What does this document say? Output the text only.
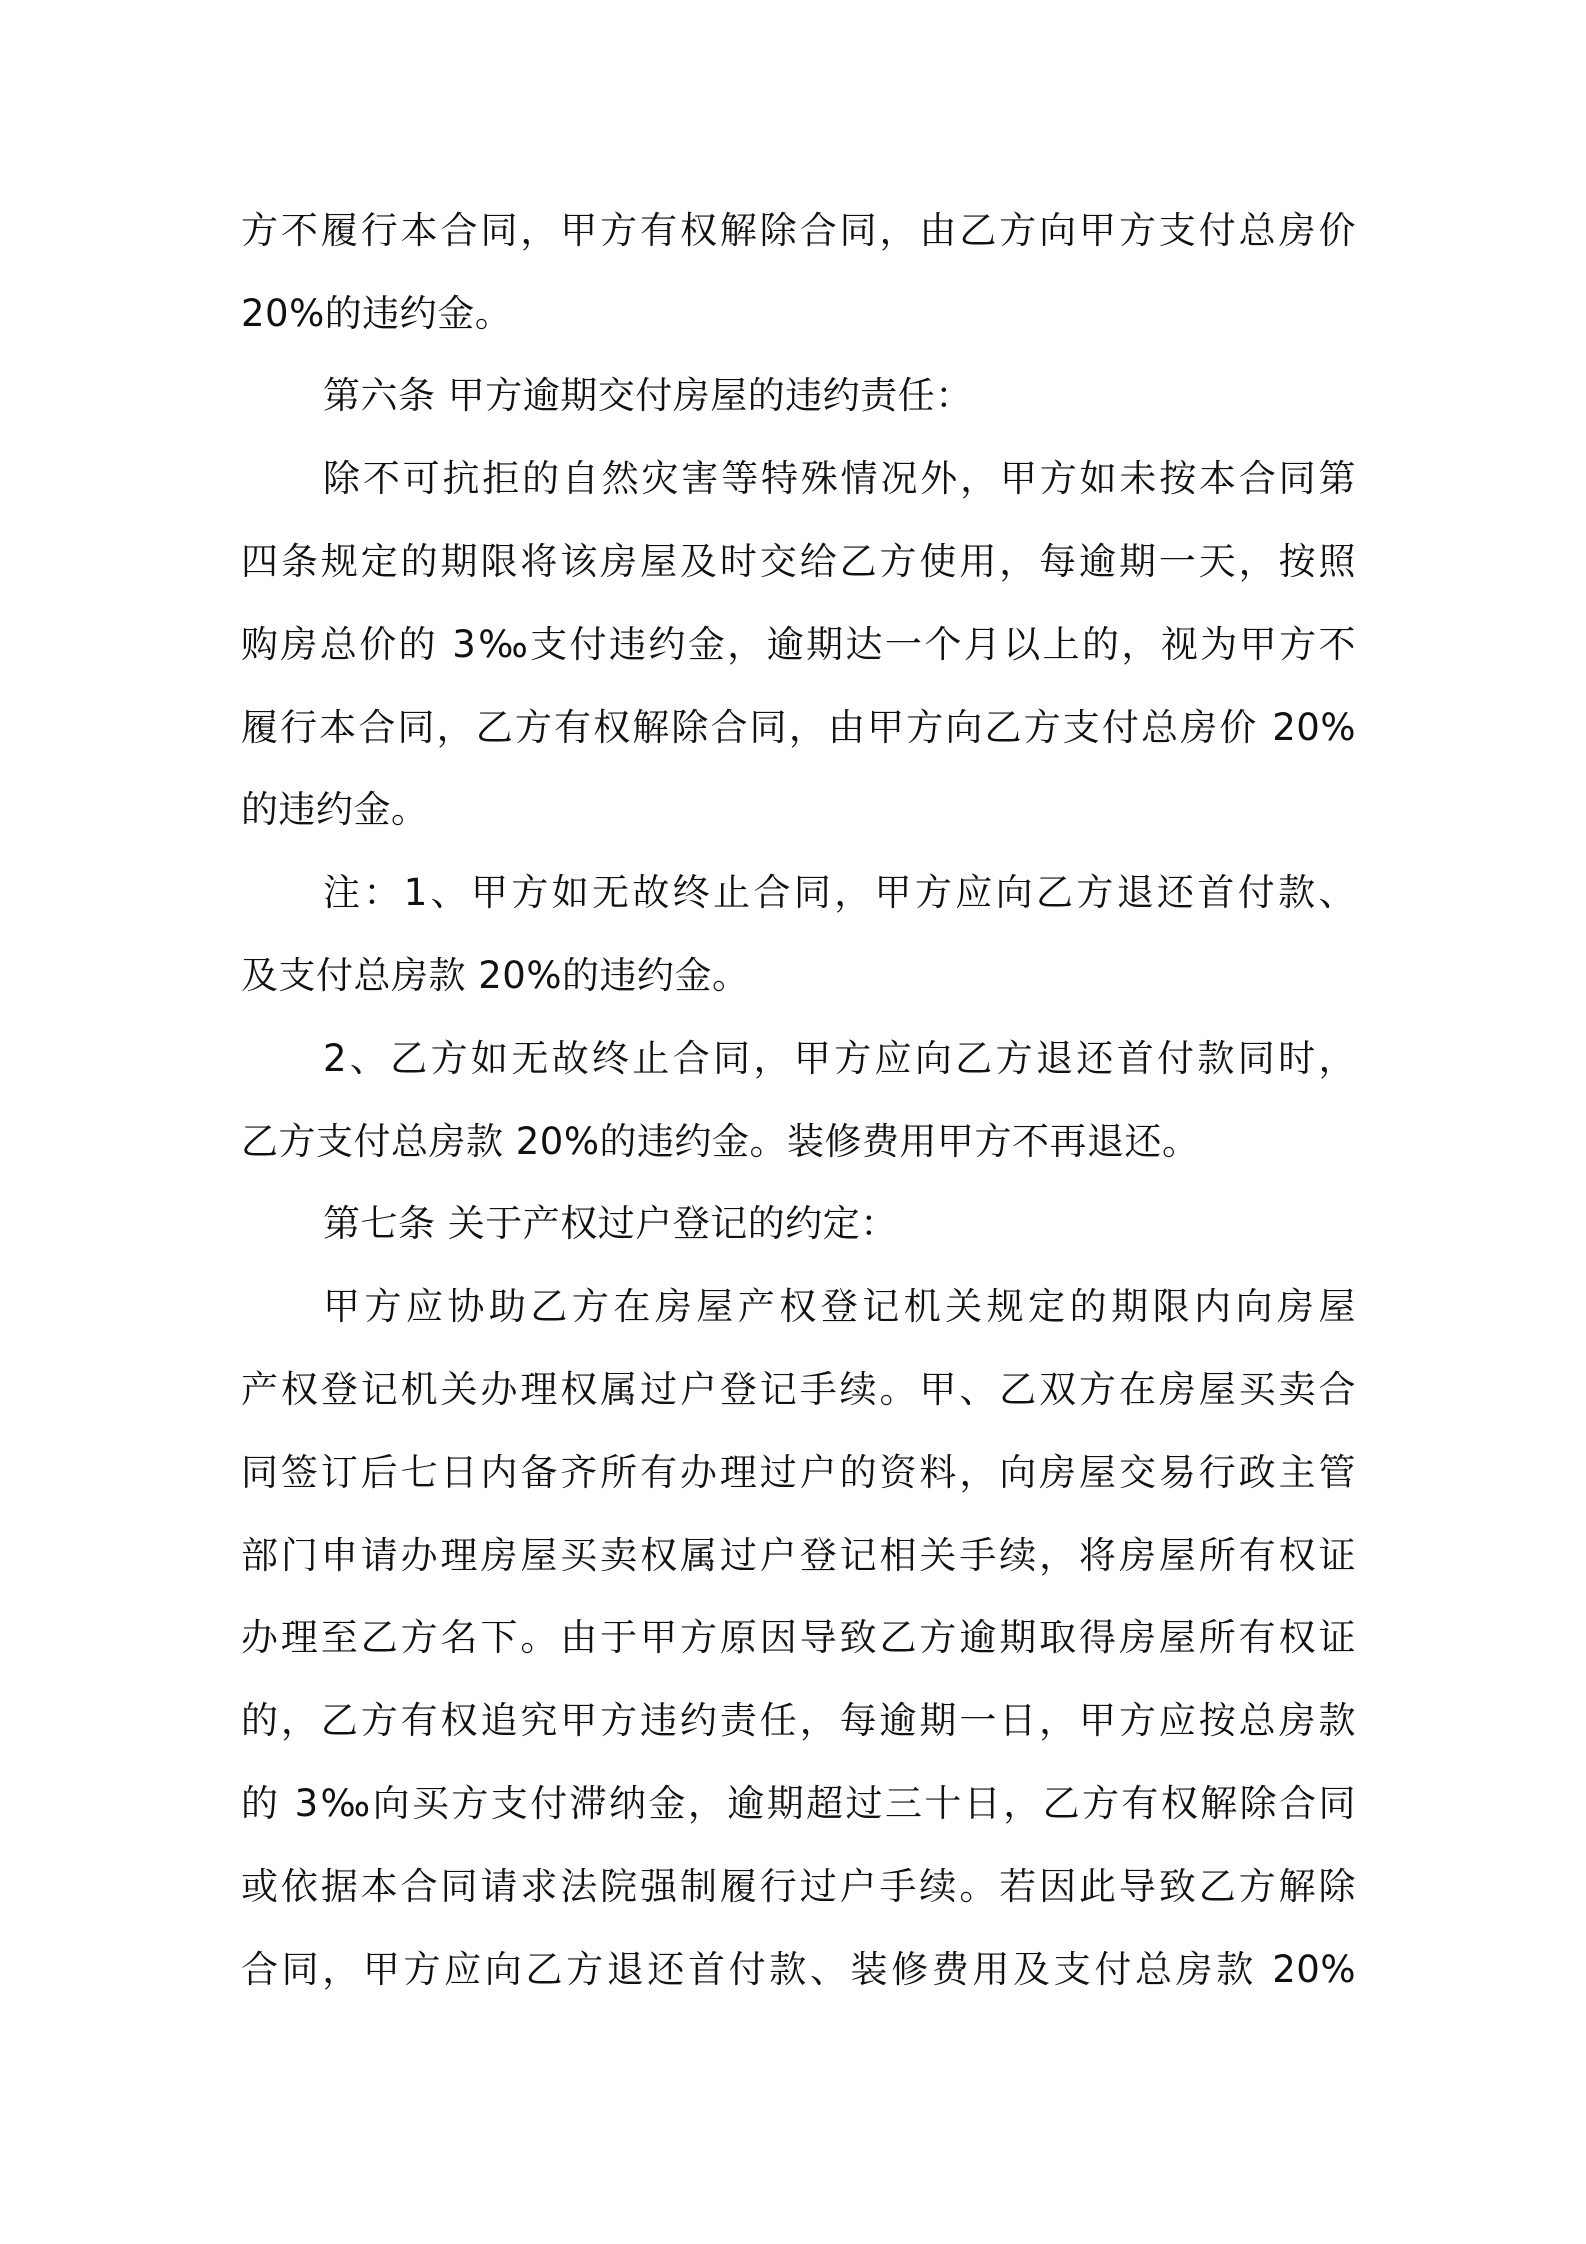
方不履行本合同，甲方有权解除合同，由乙方向甲方支付总房价
20%的违约金。
第六条 甲方逾期交付房屋的违约责任：
除不可抗拒的自然灾害等特殊情况外，甲方如未按本合同第
四条规定的期限将该房屋及时交给乙方使用，每逾期一天，按照
购房总价的 3‰支付违约金，逾期达一个月以上的，视为甲方不
履行本合同，乙方有权解除合同，由甲方向乙方支付总房价 20%
的违约金。
注：1、甲方如无故终止合同，甲方应向乙方退还首付款、
及支付总房款 20%的违约金。
2、乙方如无故终止合同，甲方应向乙方退还首付款同时，
乙方支付总房款 20%的违约金。装修费用甲方不再退还。
第七条 关于产权过户登记的约定：
甲方应协助乙方在房屋产权登记机关规定的期限内向房屋
产权登记机关办理权属过户登记手续。甲、乙双方在房屋买卖合
同签订后七日内备齐所有办理过户的资料，向房屋交易行政主管
部门申请办理房屋买卖权属过户登记相关手续，将房屋所有权证
办理至乙方名下。由于甲方原因导致乙方逾期取得房屋所有权证
的，乙方有权追究甲方违约责任，每逾期一日，甲方应按总房款
的 3‰向买方支付滞纳金，逾期超过三十日，乙方有权解除合同
或依据本合同请求法院强制履行过户手续。若因此导致乙方解除
合同，甲方应向乙方退还首付款、装修费用及支付总房款 20%
